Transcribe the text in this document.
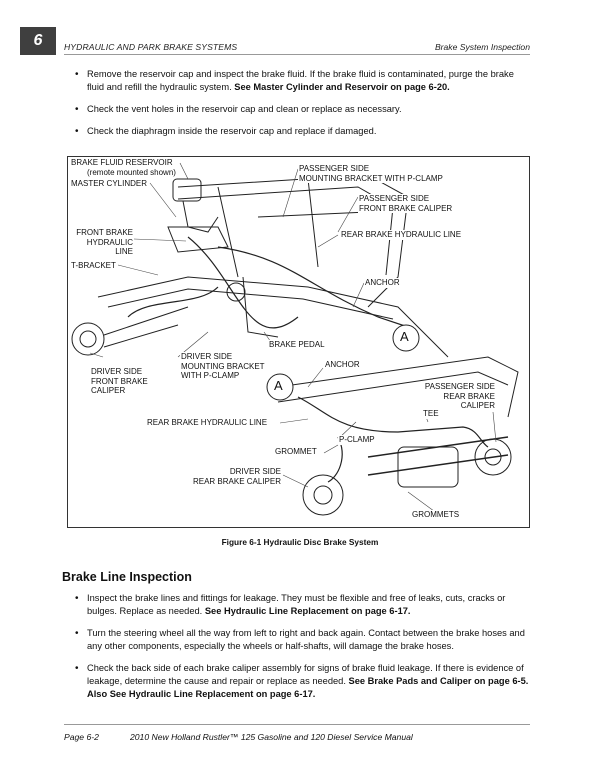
6	HYDRAULIC AND PARK BRAKE SYSTEMS	Brake System Inspection
• Remove the reservoir cap and inspect the brake fluid. If the brake fluid is contaminated, purge the brake fluid and refill the hydraulic system. See Master Cylinder and Reservoir on page 6-20.
• Check the vent holes in the reservoir cap and clean or replace as necessary.
• Check the diaphragm inside the reservoir cap and replace if damaged.
A
A
BRAKE FLUID RESERVOIR
(remote mounted shown)
MASTER CYLINDER
FRONT BRAKE
HYDRAULIC
LINE
T-BRACKET
PASSENGER SIDE
MOUNTING BRACKET WITH P-CLAMP
PASSENGER SIDE
FRONT BRAKE CALIPER
REAR BRAKE HYDRAULIC LINE
ANCHOR
BRAKE PEDAL
DRIVER SIDE
FRONT BRAKE
CALIPER
DRIVER SIDE
MOUNTING BRACKET
WITH P-CLAMP
ANCHOR
PASSENGER SIDE
REAR BRAKE
CALIPER
TEE
REAR BRAKE HYDRAULIC LINE
P-CLAMP
GROMMET
DRIVER SIDE
REAR BRAKE CALIPER
GROMMETS
Figure 6-1 Hydraulic Disc Brake System
Brake Line Inspection
• Inspect the brake lines and fittings for leakage. They must be flexible and free of leaks, cuts, cracks or bulges. Replace as needed. See Hydraulic Line Replacement on page 6-17.
• Turn the steering wheel all the way from left to right and back again. Contact between the brake hoses and any other components, especially the wheels or half-shafts, will damage the brake hoses.
• Check the back side of each brake caliper assembly for signs of brake fluid leakage. If there is evidence of leakage, determine the cause and repair or replace as needed. See Brake Pads and Caliper on page 6-5. Also See Hydraulic Line Replacement on page 6-17.
Page 6-2	2010 New Holland Rustler™ 125 Gasoline and 120 Diesel Service Manual
